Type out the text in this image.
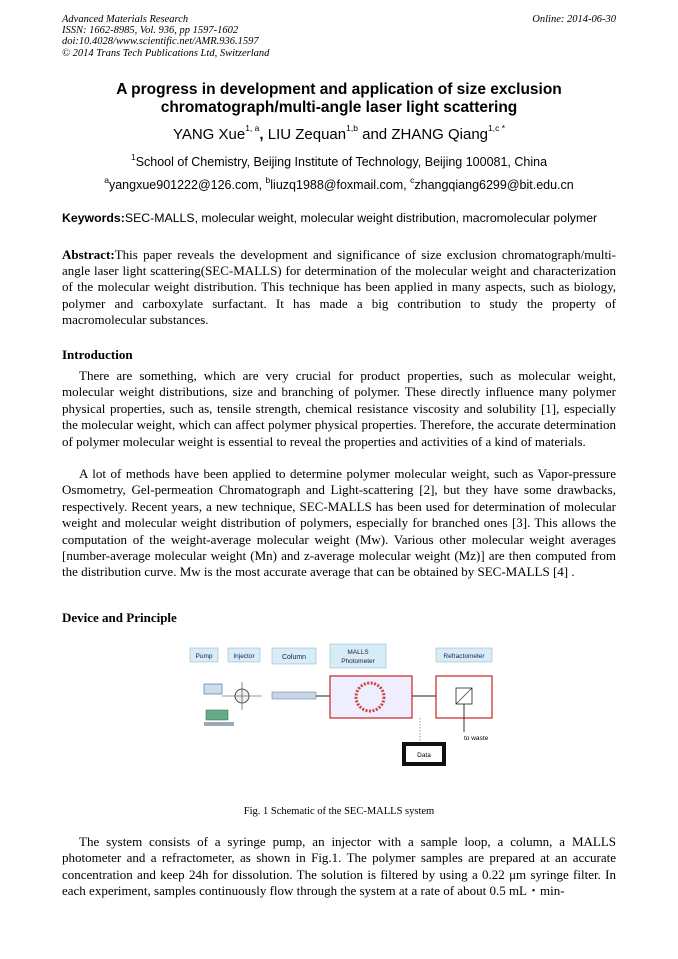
Advanced Materials Research
ISSN: 1662-8985, Vol. 936, pp 1597-1602
doi:10.4028/www.scientific.net/AMR.936.1597
© 2014 Trans Tech Publications Ltd, Switzerland
Online: 2014-06-30
A progress in development and application of size exclusion
chromatograph/multi-angle laser light scattering
YANG Xue$^{1, a}$, LIU Zequan$^{1,b}$ and ZHANG Qiang$^{1,c *}$
$^1$School of Chemistry, Beijing Institute of Technology, Beijing 100081, China
$^a$yangxue901222@126.com, $^b$liuzq1988@foxmail.com, $^c$zhangqiang6299@bit.edu.cn
Keywords:SEC-MALLS, molecular weight, molecular weight distribution, macromolecular polymer
Abstract:This paper reveals the development and significance of size exclusion chromatograph/multi-angle laser light scattering(SEC-MALLS) for determination of the molecular weight and characterization of the molecular weight distribution. This technique has been applied in many aspects, such as biology, polymer and carboxylate surfactant. It has made a big contribution to study the property of macromolecular substances.
Introduction

There are something, which are very crucial for product properties, such as molecular weight, molecular weight distributions, size and branching of polymer. These directly influence many polymer physical properties, such as, tensile strength, chemical resistance viscosity and solubility [1], especially the molecular weight, which can affect polymer physical properties. Therefore, the accurate determination of polymer molecular weight is essential to reveal the properties and activities of a kind of materials.

A lot of methods have been applied to determine polymer molecular weight, such as Vapor-pressure Osmometry, Gel-permeation Chromatograph and Light-scattering [2], but they have some drawbacks, respectively. Recent years, a new technique, SEC-MALLS has been used for determination of molecular weight and molecular weight distribution of polymers, especially for branched ones [3]. This allows the computation of the weight-average molecular weight (Mw). Various other molecular weight averages [number-average molecular weight (Mn) and z-average molecular weight (Mz)] are then computed from the distribution curve. Mw is the most accurate average that can be obtained by SEC-MALLS [4] .

Device and Principle
Pump	Injector	Column
MALLS
Photometer
Refractometer
to waste
Data
Fig. 1 Schematic of the SEC-MALLS system

The system consists of a syringe pump, an injector with a sample loop, a column, a MALLS photometer and a refractometer, as shown in Fig.1. The polymer samples are prepared at an accurate concentration and keep 24h for dissolution. The solution is filtered by using a 0.22 μm syringe filter. In each experiment, samples continuously flow through the system at a rate of about 0.5 mL・min-
